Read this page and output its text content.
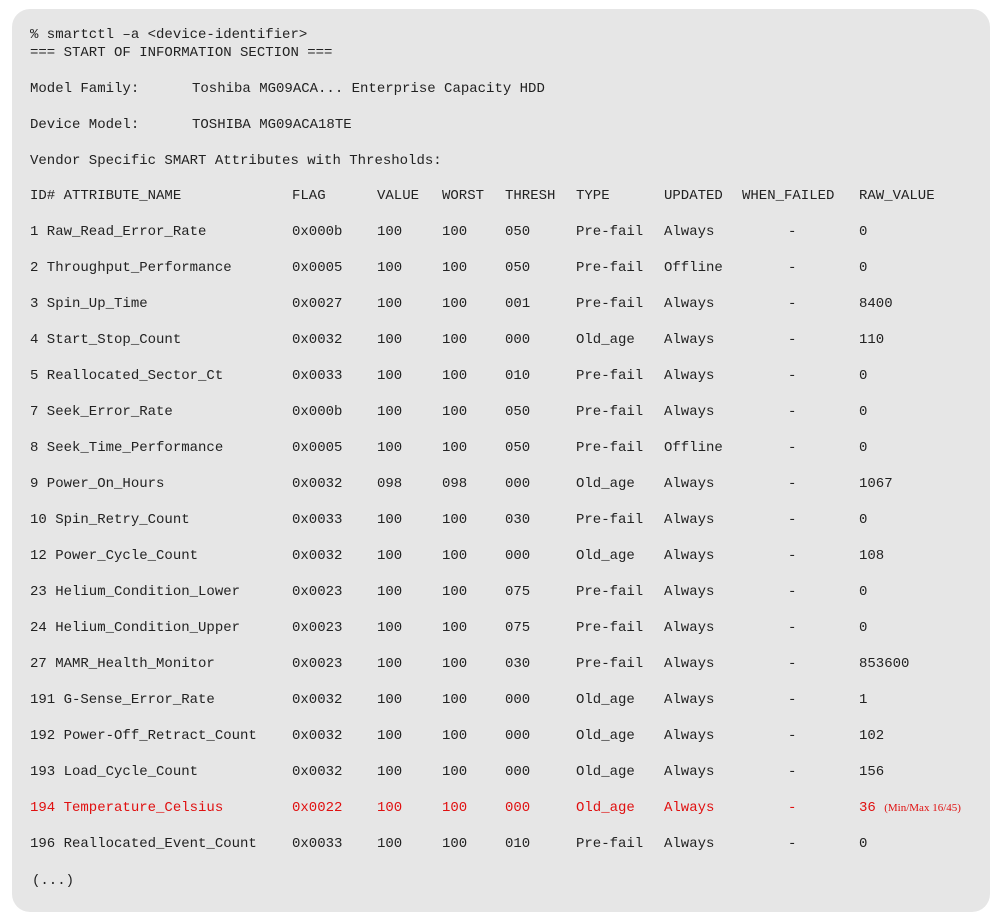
% smartctl –a <device-identifier>
=== START OF INFORMATION SECTION ===
Model Family:	Toshiba MG09ACA... Enterprise Capacity HDD
Device Model:	TOSHIBA MG09ACA18TE
Vendor Specific SMART Attributes with Thresholds:
ID# ATTRIBUTE_NAME	FLAG	VALUE WORST THRESH TYPE	UPDATED WHEN_FAILED RAW_VALUE
1 Raw_Read_Error_Rate	0x000b 100	100	050	Pre-fail Always	-	0
2 Throughput_Performance	0x0005 100	100	050	Pre-fail Offline	-	0
3 Spin_Up_Time	0x0027 100	100	001	Pre-fail Always	-	8400
4 Start_Stop_Count	0x0032 100	100	000	Old_age Always	-	110
5 Reallocated_Sector_Ct	0x0033 100	100	010	Pre-fail Always	-	0
7 Seek_Error_Rate	0x000b 100	100	050	Pre-fail Always	-	0
8 Seek_Time_Performance	0x0005 100	100	050	Pre-fail Offline	-	0
9 Power_On_Hours	0x0032 098	098	000	Old_age Always	-	1067
10 Spin_Retry_Count	0x0033 100	100	030	Pre-fail Always	-	0
12 Power_Cycle_Count	0x0032 100	100	000	Old_age Always	-	108
23 Helium_Condition_Lower	0x0023 100	100	075	Pre-fail Always	-	0
24 Helium_Condition_Upper	0x0023 100	100	075	Pre-fail Always	-	0
27 MAMR_Health_Monitor	0x0023 100	100	030	Pre-fail Always	-	853600
191 G-Sense_Error_Rate	0x0032 100	100	000	Old_age Always	-	1
192 Power-Off_Retract_Count	0x0032 100	100	000	Old_age Always	-	102
193 Load_Cycle_Count	0x0032 100	100	000	Old_age Always	-	156
194 Temperature_Celsius	0x0022 100	100	000	Old_age Always	-	36 (Min/Max 16/45)
196 Reallocated_Event_Count	0x0033 100	100	010	Pre-fail Always	-	0
(...)
